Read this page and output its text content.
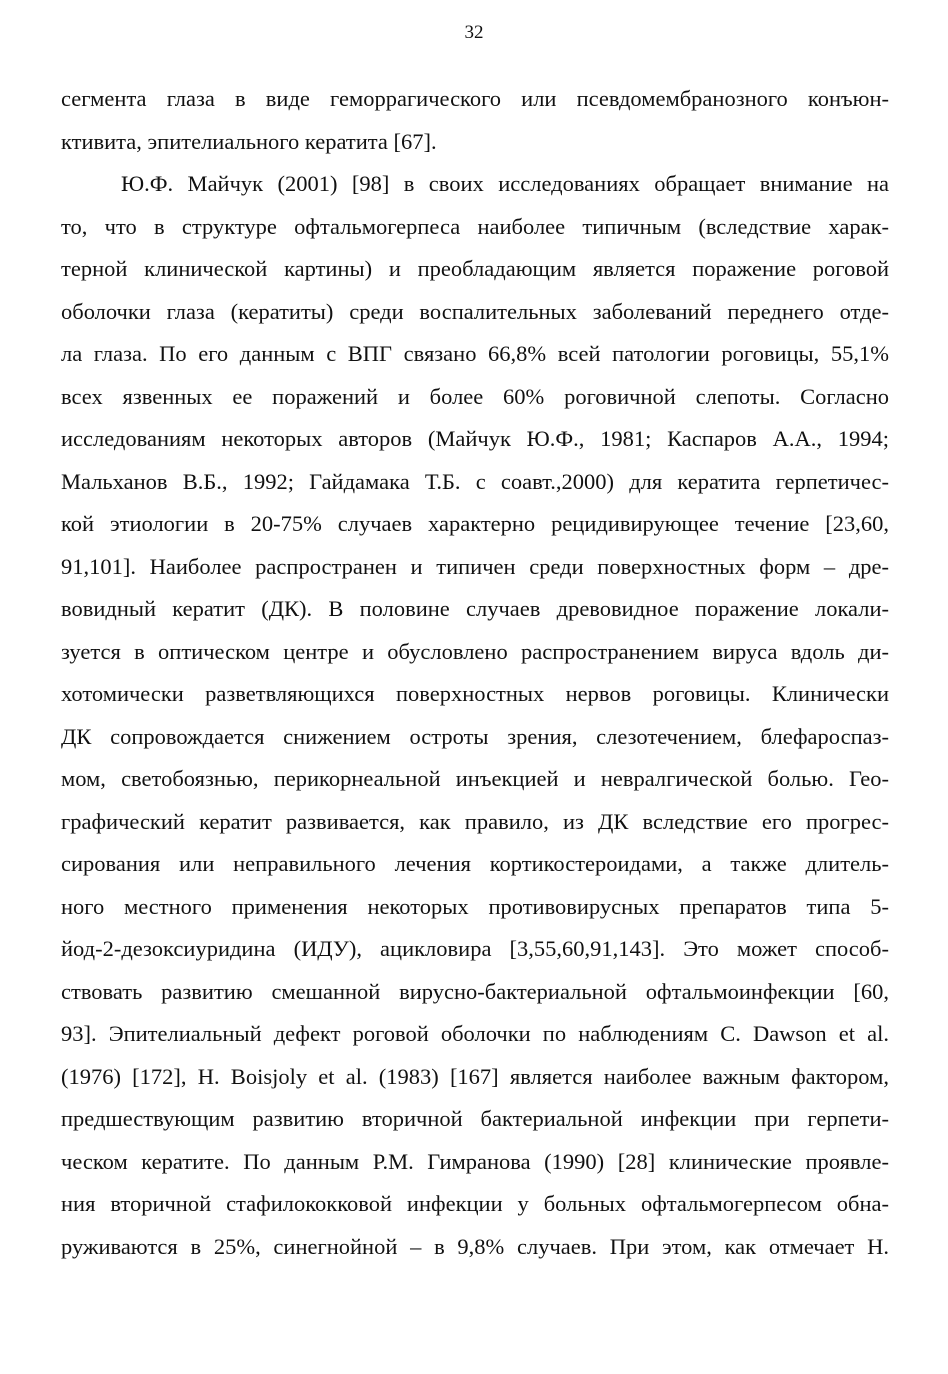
32
сегмента глаза в виде геморрагического или псевдомембранозного конъюн-
ктивита, эпителиального кератита [67].
Ю.Ф. Майчук (2001) [98] в своих исследованиях обращает внимание на
то, что в структуре офтальмогерпеса наиболее типичным (вследствие харак-
терной клинической картины) и преобладающим является поражение роговой
оболочки глаза (кератиты) среди воспалительных заболеваний переднего отде-
ла глаза. По его данным с ВПГ связано 66,8% всей патологии роговицы, 55,1%
всех язвенных ее поражений и более 60% роговичной слепоты. Согласно
исследованиям некоторых авторов (Майчук Ю.Ф., 1981; Каспаров А.А., 1994;
Мальханов В.Б., 1992; Гайдамака Т.Б. с соавт.,2000) для кератита герпетичес-
кой этиологии в 20-75% случаев характерно рецидивирующее течение [23,60,
91,101]. Наиболее распространен и типичен среди поверхностных форм – дре-
вовидный кератит (ДК). В половине случаев древовидное поражение локали-
зуется в оптическом центре и обусловлено распространением вируса вдоль ди-
хотомически разветвляющихся поверхностных нервов роговицы. Клинически
ДК сопровождается снижением остроты зрения, слезотечением, блефароспаз-
мом, светобоязнью, перикорнеальной инъекцией и невралгической болью. Гео-
графический кератит развивается, как правило, из ДК вследствие его прогрес-
сирования или неправильного лечения кортикостероидами, а также длитель-
ного местного применения некоторых противовирусных препаратов типа 5-
йод-2-дезоксиуридина (ИДУ), ацикловира [3,55,60,91,143]. Это может способ-
ствовать развитию смешанной вирусно-бактериальной офтальмоинфекции [60,
93]. Эпителиальный дефект роговой оболочки по наблюдениям С. Dawson et al.
(1976) [172], H. Boisjoly et al. (1983) [167] является наиболее важным фактором,
предшествующим развитию вторичной бактериальной инфекции при герпети-
ческом кератите. По данным Р.М. Гимранова (1990) [28] клинические проявле-
ния вторичной стафилококковой инфекции у больных офтальмогерпесом обна-
руживаются в 25%, синегнойной – в 9,8% случаев. При этом, как отмечает Н.
